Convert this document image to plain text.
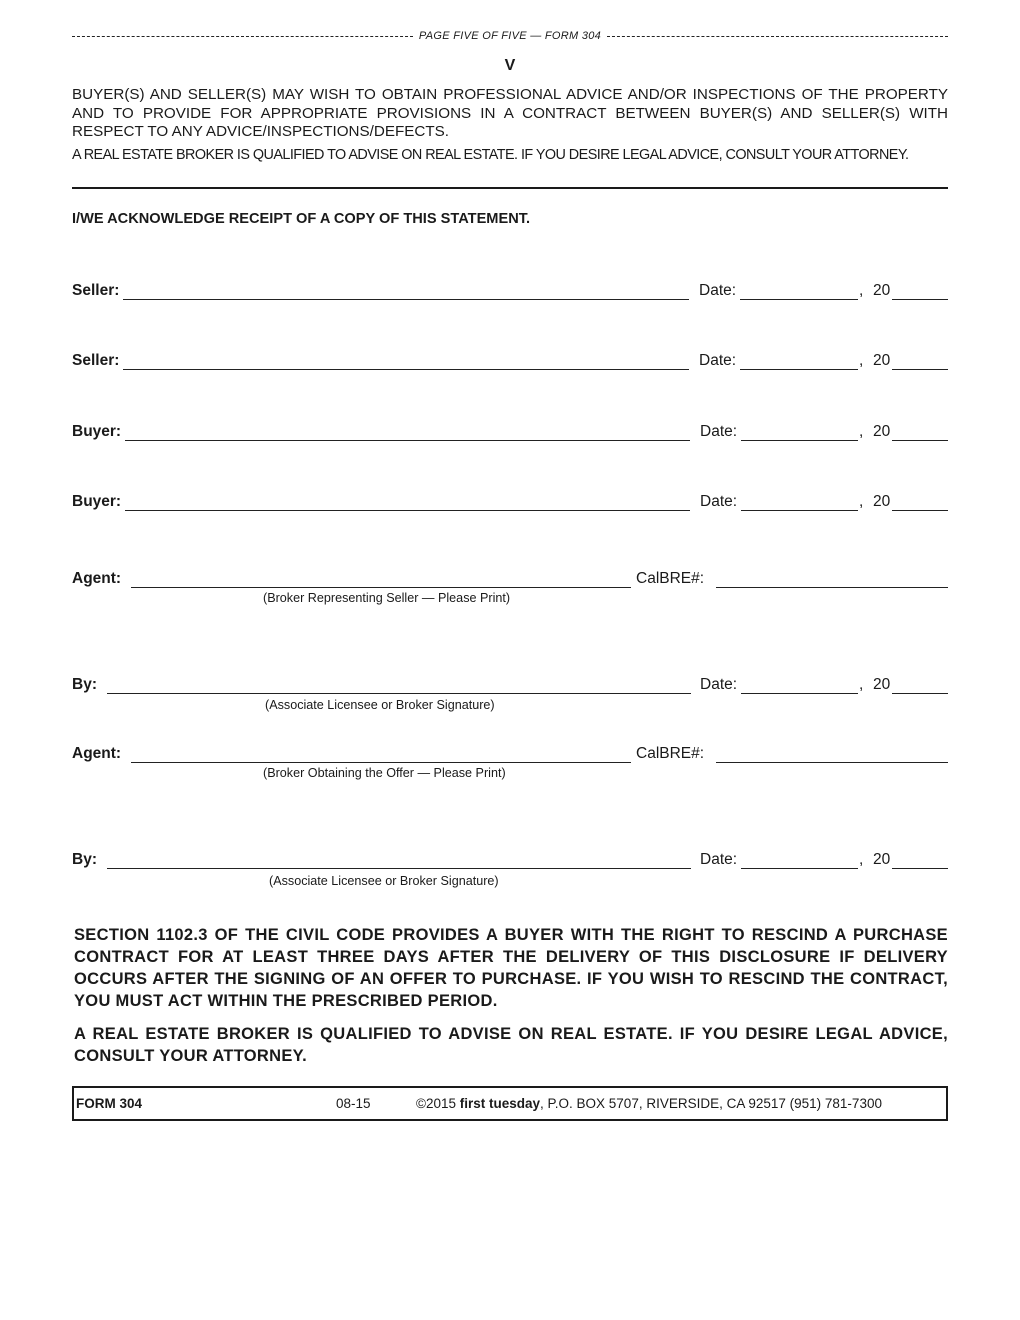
PAGE FIVE OF FIVE — FORM 304
V
BUYER(S) AND SELLER(S) MAY WISH TO OBTAIN PROFESSIONAL ADVICE AND/OR INSPECTIONS OF THE PROPERTY AND TO PROVIDE FOR APPROPRIATE PROVISIONS IN A CONTRACT BETWEEN BUYER(S) AND SELLER(S) WITH RESPECT TO ANY ADVICE/INSPECTIONS/DEFECTS.
A REAL ESTATE BROKER IS QUALIFIED TO ADVISE ON REAL ESTATE. IF YOU DESIRE LEGAL ADVICE, CONSULT YOUR ATTORNEY.
I/WE ACKNOWLEDGE RECEIPT OF A COPY OF THIS STATEMENT.
Seller:	Date:	, 20
Seller:	Date:	, 20
Buyer:	Date:	, 20
Buyer:	Date:	, 20
Agent:	CalBRE#:
(Broker Representing Seller — Please Print)
By:	Date:	, 20
(Associate Licensee or Broker Signature)
Agent:	CalBRE#:
(Broker Obtaining the Offer — Please Print)
By:	Date:	, 20
(Associate Licensee or Broker Signature)
SECTION 1102.3 OF THE CIVIL CODE PROVIDES A BUYER WITH THE RIGHT TO RESCIND A PURCHASE CONTRACT FOR AT LEAST THREE DAYS AFTER THE DELIVERY OF THIS DISCLOSURE IF DELIVERY OCCURS AFTER THE SIGNING OF AN OFFER TO PURCHASE. IF YOU WISH TO RESCIND THE CONTRACT, YOU MUST ACT WITHIN THE PRESCRIBED PERIOD.
A REAL ESTATE BROKER IS QUALIFIED TO ADVISE ON REAL ESTATE. IF YOU DESIRE LEGAL ADVICE, CONSULT YOUR ATTORNEY.
FORM 304	08-15	©2015 first tuesday, P.O. BOX 5707, RIVERSIDE, CA 92517 (951) 781-7300
